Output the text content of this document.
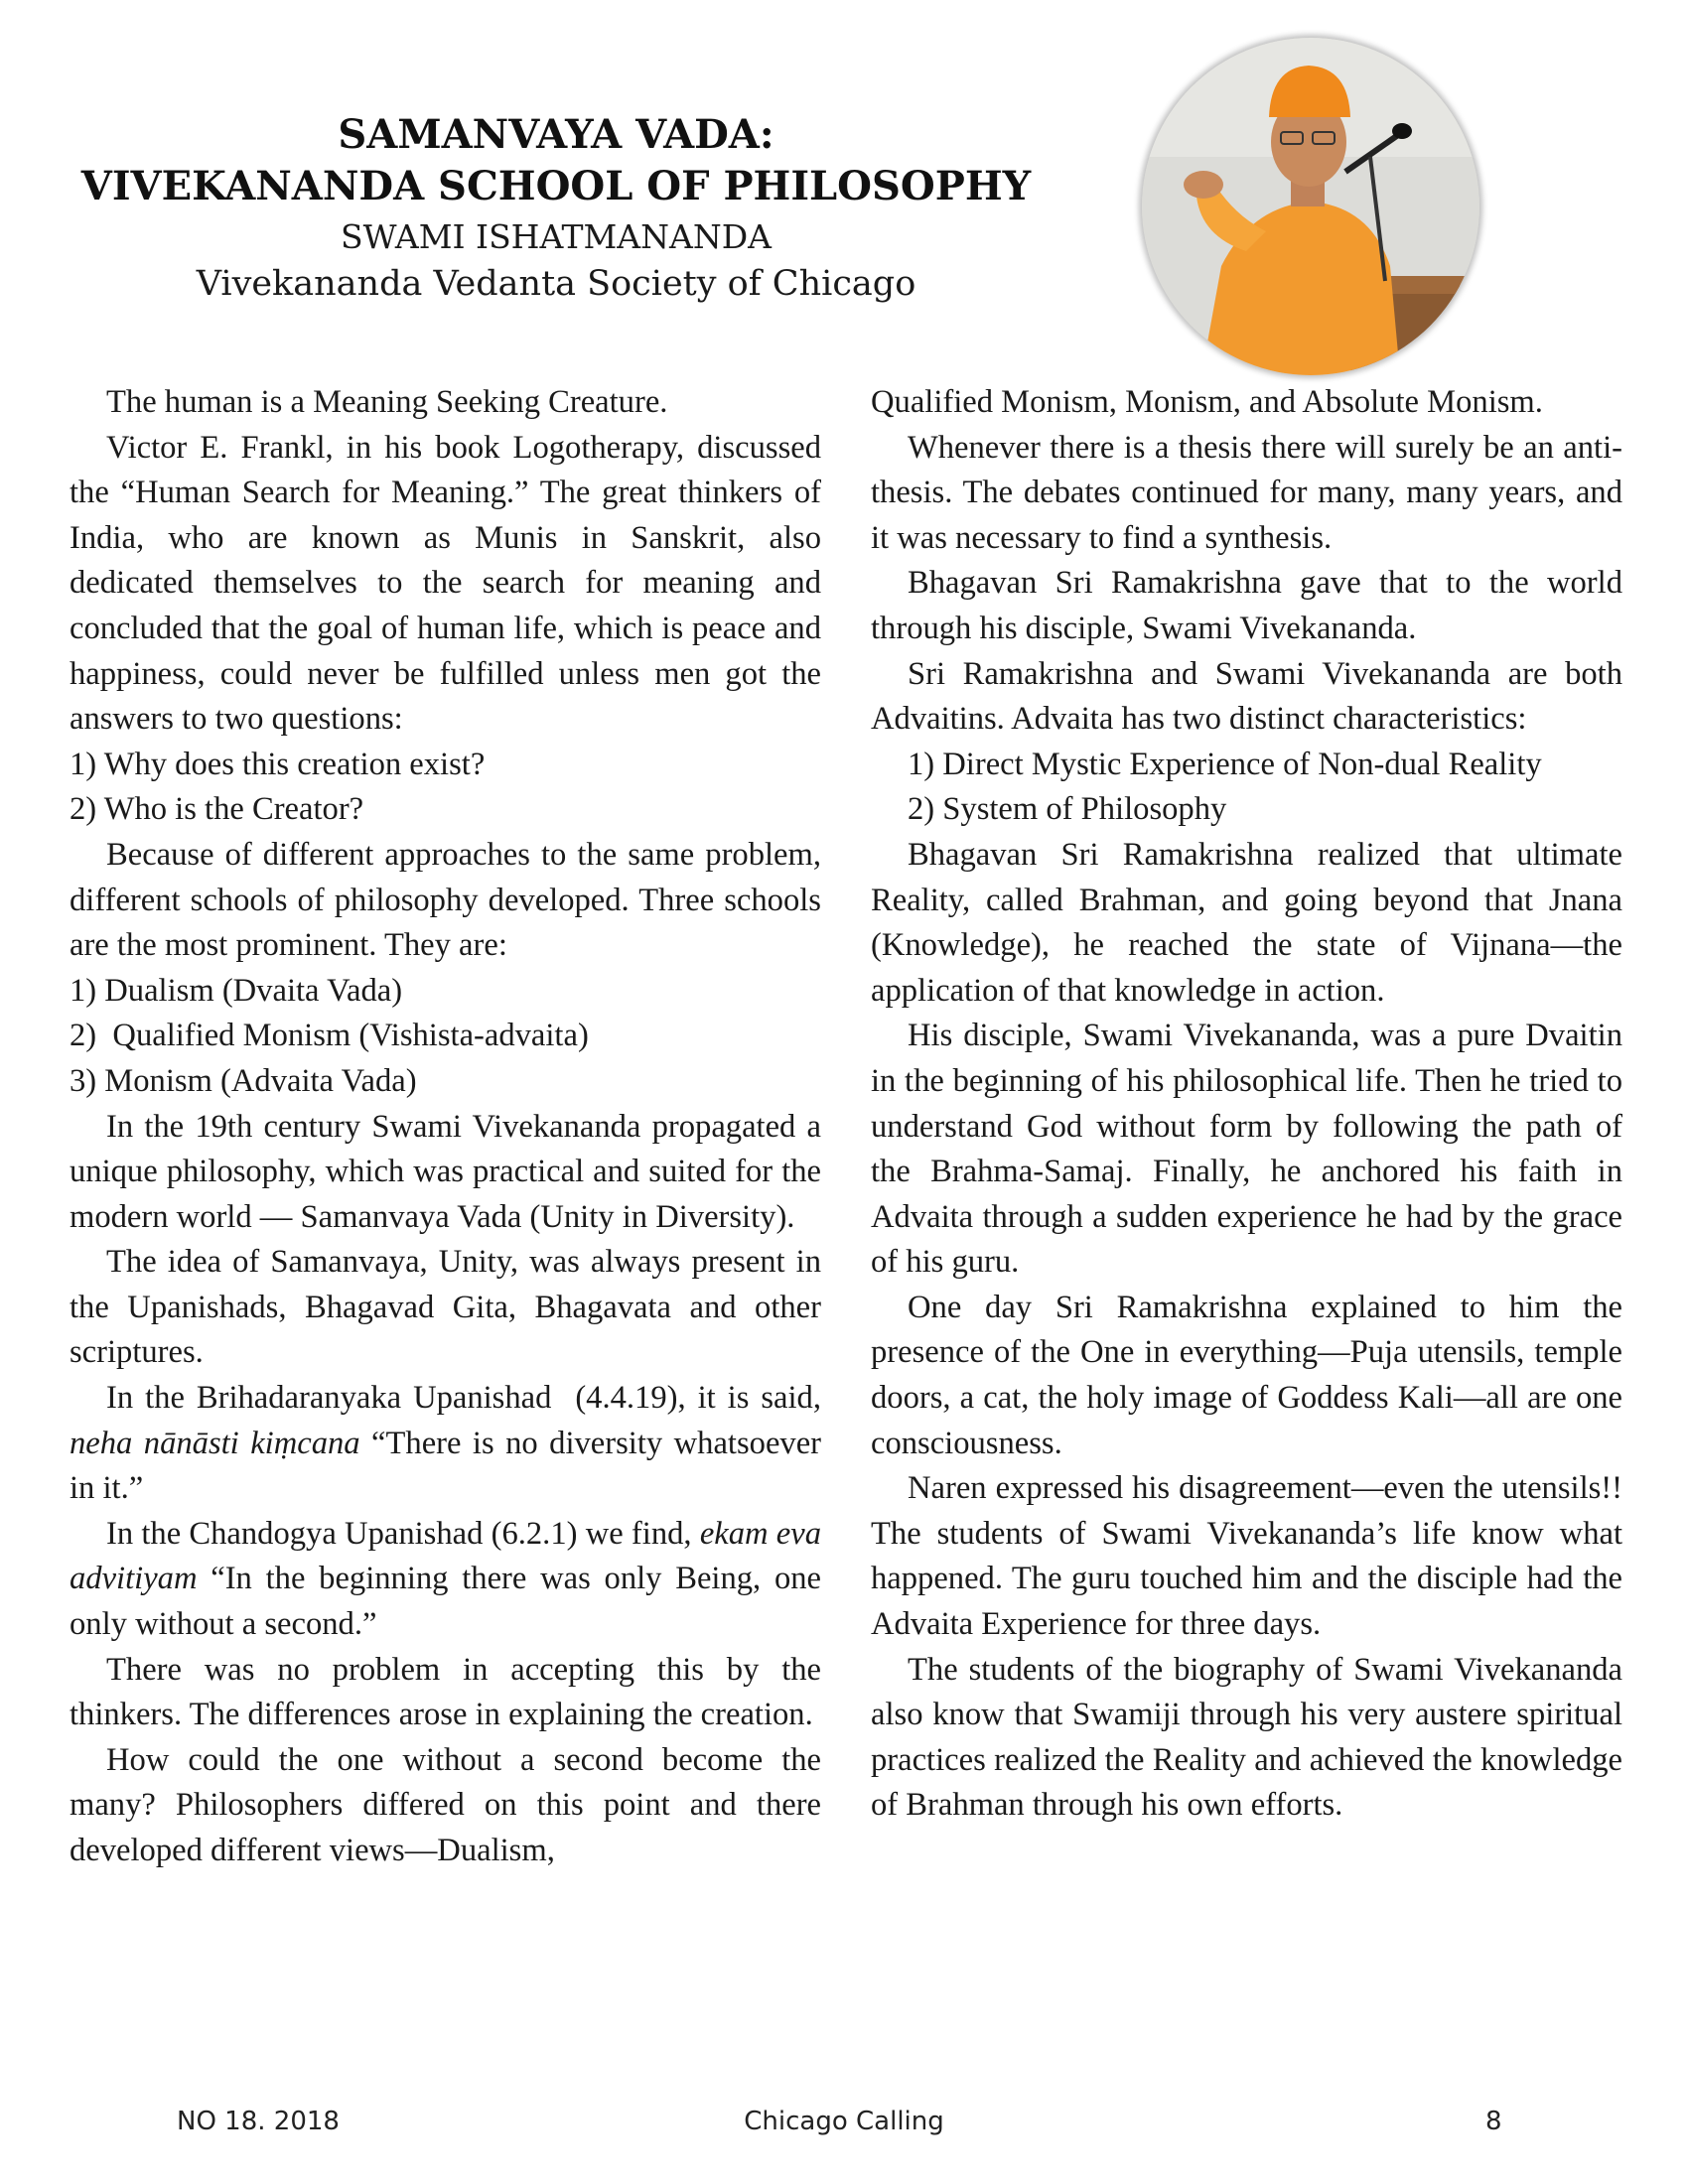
SAMANVAYA VADA:
VIVEKANANDA SCHOOL OF PHILOSOPHY
SWAMI ISHATMANANDA
Vivekananda Vedanta Society of Chicago

The human is a Meaning Seeking Creature.

Victor E. Frankl, in his book Logotherapy, discussed the “Human Search for Meaning.” The great thinkers of India, who are known as Munis in Sanskrit, also dedicated themselves to the search for meaning and concluded that the goal of human life, which is peace and happiness, could never be fulfilled unless men got the answers to two questions:

1) Why does this creation exist?

2) Who is the Creator?

Because of different approaches to the same problem, different schools of philosophy developed. Three schools are the most prominent. They are:

1) Dualism (Dvaita Vada)

2)  Qualified Monism (Vishista-advaita)

3) Monism (Advaita Vada)

In the 19th century Swami Vivekananda propagated a unique philosophy, which was practical and suited for the modern world — Samanvaya Vada (Unity in Diversity).

The idea of Samanvaya, Unity, was always present in the Upanishads, Bhagavad Gita, Bhagavata and other scriptures.

In the Brihadaranyaka Upanishad  (4.4.19), it is said, neha nānāsti kiṃcana “There is no diversity whatsoever in it.”

In the Chandogya Upanishad (6.2.1) we find, ekam eva advitiyam “In the beginning there was only Being, one only without a second.”

There was no problem in accepting this by the thinkers. The differences arose in explaining the creation.

How could the one without a second become the many? Philosophers differed on this point and there developed different views—Dualism,

Qualified Monism, Monism, and Absolute Monism.

Whenever there is a thesis there will surely be an anti-thesis. The debates continued for many, many years, and it was necessary to find a synthesis.

Bhagavan Sri Ramakrishna gave that to the world through his disciple, Swami Vivekananda.

Sri Ramakrishna and Swami Vivekananda are both Advaitins. Advaita has two distinct characteristics:

1) Direct Mystic Experience of Non-dual Reality

2) System of Philosophy

Bhagavan Sri Ramakrishna realized that ultimate Reality, called Brahman, and going beyond that Jnana (Knowledge), he reached the state of Vijnana—the application of that knowledge in action.

His disciple, Swami Vivekananda, was a pure Dvaitin in the beginning of his philosophical life. Then he tried to understand God without form by following the path of the Brahma-Samaj. Finally, he anchored his faith in Advaita through a sudden experience he had by the grace of his guru.

One day Sri Ramakrishna explained to him the presence of the One in everything—Puja utensils, temple doors, a cat, the holy image of Goddess Kali—all are one consciousness.

Naren expressed his disagreement—even the utensils!! The students of Swami Vivekananda’s life know what happened. The guru touched him and the disciple had the Advaita Experience for three days.

The students of the biography of Swami Vivekananda also know that Swamiji through his very austere spiritual practices realized the Reality and achieved the knowledge of Brahman through his own efforts.

NO 18. 2018	Chicago Calling	8
